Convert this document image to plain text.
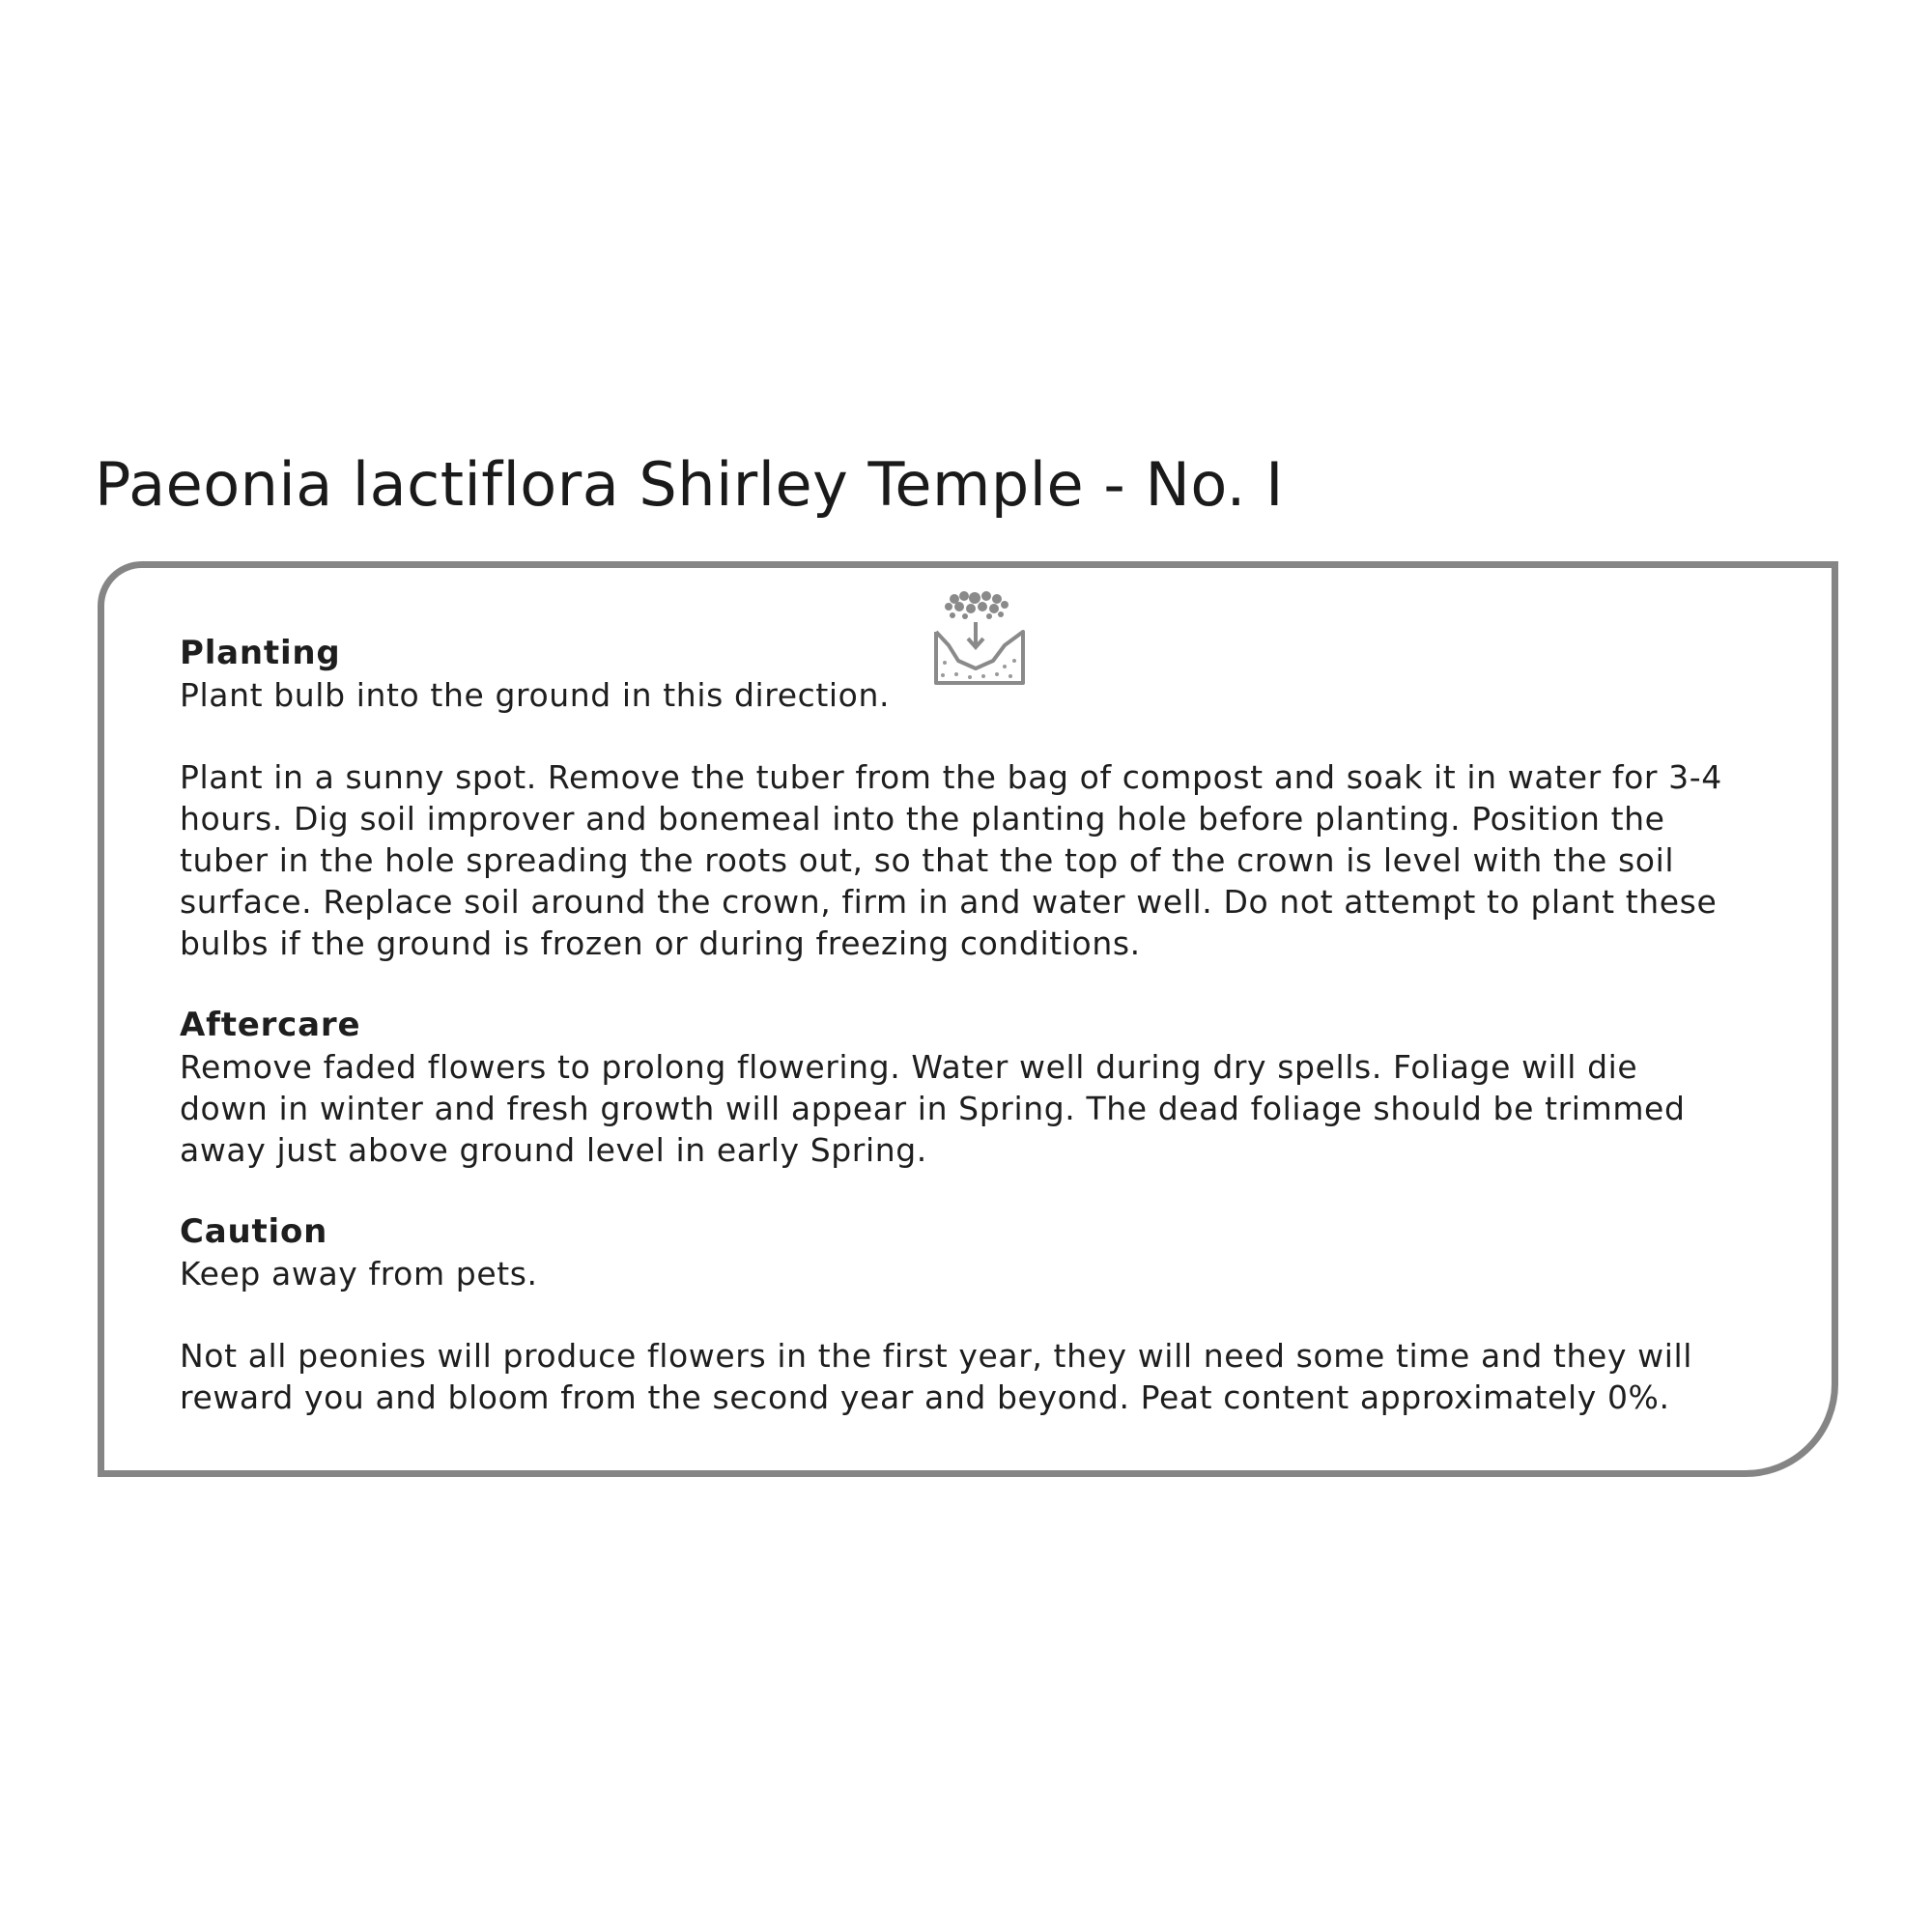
Paeonia lactiflora Shirley Temple - No. I
Planting
Plant bulb into the ground in this direction.

Plant in a sunny spot. Remove the tuber from the bag of compost and soak it in water for 3-4
hours. Dig soil improver and bonemeal into the planting hole before planting. Position the
tuber in the hole spreading the roots out, so that the top of the crown is level with the soil
surface. Replace soil around the crown, firm in and water well. Do not attempt to plant these
bulbs if the ground is frozen or during freezing conditions.

Aftercare

Remove faded flowers to prolong flowering. Water well during dry spells. Foliage will die
down in winter and fresh growth will appear in Spring. The dead foliage should be trimmed
away just above ground level in early Spring.

Caution

Keep away from pets.

Not all peonies will produce flowers in the first year, they will need some time and they will
reward you and bloom from the second year and beyond. Peat content approximately 0%.
